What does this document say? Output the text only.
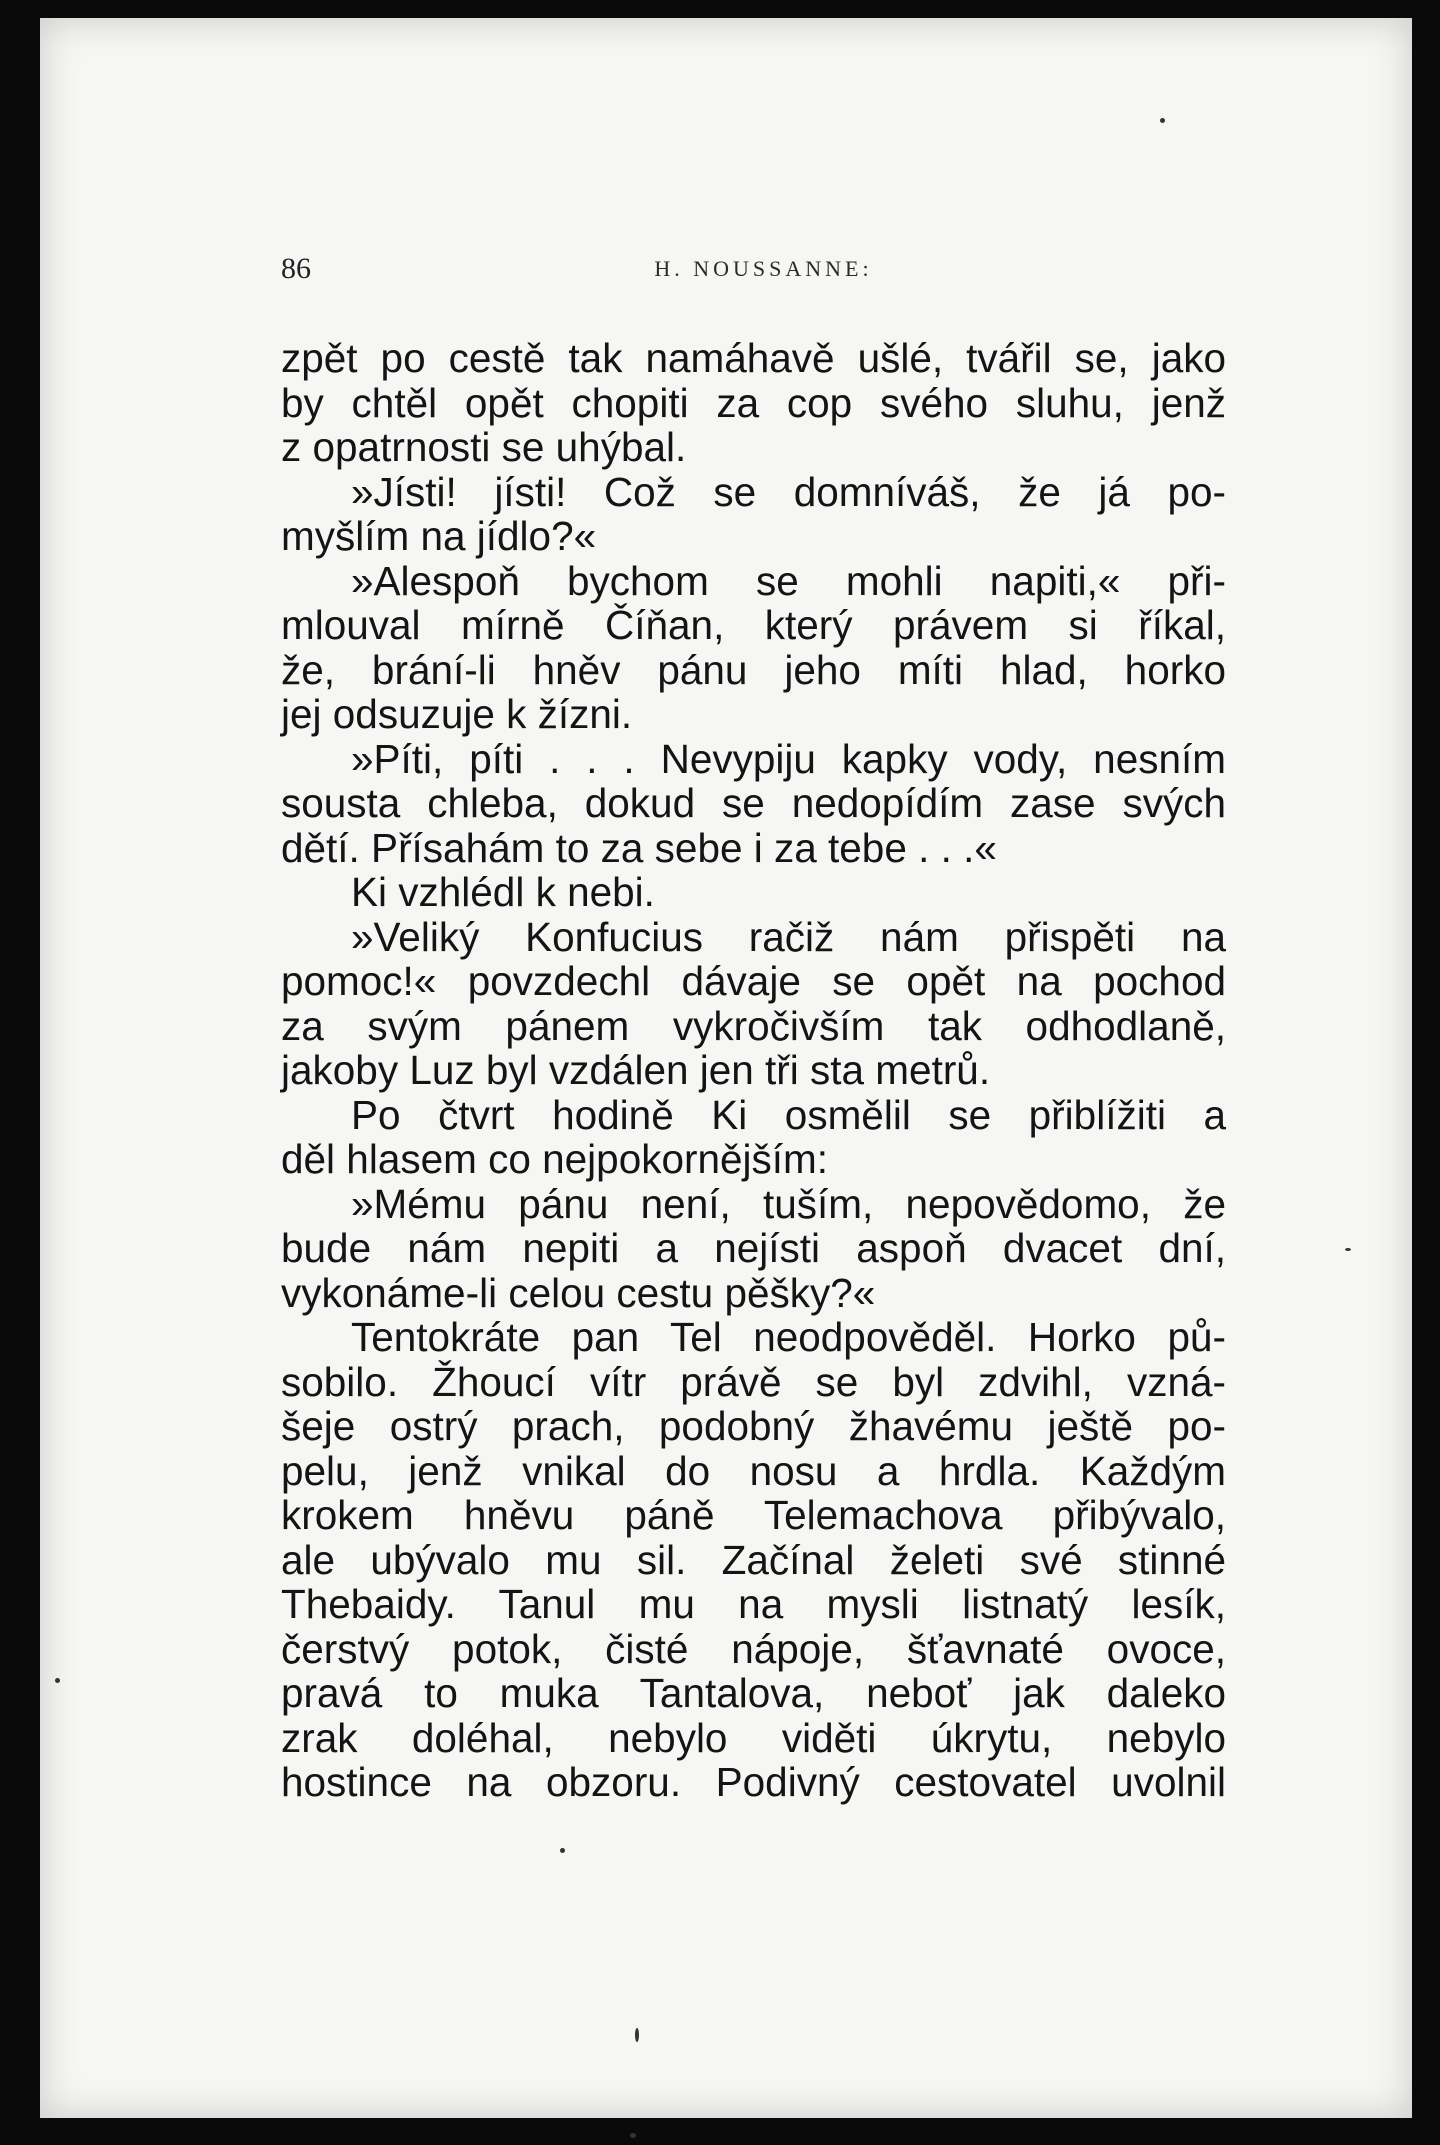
86	H. NOUSSANNE:
zpět po cestě tak namáhavě ušlé, tvářil se, jako
by chtěl opět chopiti za cop svého sluhu, jenž
z opatrnosti se uhýbal.
»Jísti! jísti! Což se domníváš, že já po-
myšlím na jídlo?«
»Alespoň bychom se mohli napiti,« při-
mlouval mírně Číňan, který právem si říkal,
že, brání-li hněv pánu jeho míti hlad, horko
jej odsuzuje k žízni.
»Píti, píti . . . Nevypiju kapky vody, nesním
sousta chleba, dokud se nedopídím zase svých
dětí. Přísahám to za sebe i za tebe . . .«
Ki vzhlédl k nebi.
»Veliký Konfucius račiž nám přispěti na
pomoc!« povzdechl dávaje se opět na pochod
za svým pánem vykročivším tak odhodlaně,
jakoby Luz byl vzdálen jen tři sta metrů.
Po čtvrt hodině Ki osmělil se přiblížiti a
děl hlasem co nejpokornějším:
»Mému pánu není, tuším, nepovědomo, že
bude nám nepiti a nejísti aspoň dvacet dní,
vykonáme-li celou cestu pěšky?«
Tentokráte pan Tel neodpověděl. Horko pů-
sobilo. Žhoucí vítr právě se byl zdvihl, vzná-
šeje ostrý prach, podobný žhavému ještě po-
pelu, jenž vnikal do nosu a hrdla. Každým
krokem hněvu páně Telemachova přibývalo,
ale ubývalo mu sil. Začínal želeti své stinné
Thebaidy. Tanul mu na mysli listnatý lesík,
čerstvý potok, čisté nápoje, šťavnaté ovoce,
pravá to muka Tantalova, neboť jak daleko
zrak doléhal, nebylo viděti úkrytu, nebylo
hostince na obzoru. Podivný cestovatel uvolnil
